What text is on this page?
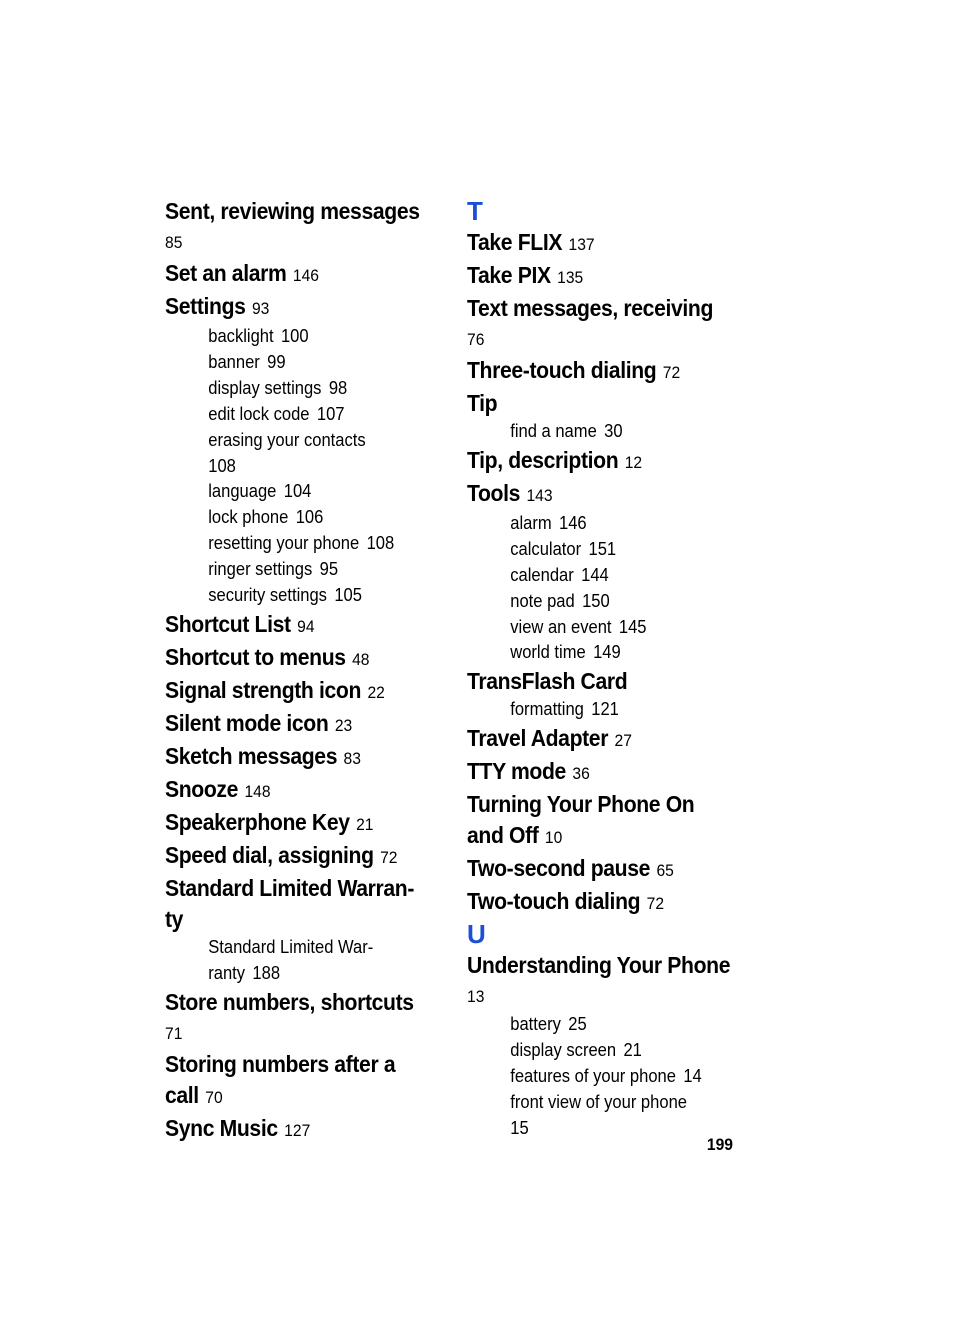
Sent, reviewing messages
85
Set an alarm 146
Settings 93
backlight 100
banner 99
display settings 98
edit lock code 107
erasing your contacts
108
language 104
lock phone 106
resetting your phone 108
ringer settings 95
security settings 105
Shortcut List 94
Shortcut to menus 48
Signal strength icon 22
Silent mode icon 23
Sketch messages 83
Snooze 148
Speakerphone Key 21
Speed dial, assigning 72
Standard Limited Warran-
ty
Standard Limited War-
ranty 188
Store numbers, shortcuts
71
Storing numbers after a
call 70
Sync Music 127
T
Take FLIX 137
Take PIX 135
Text messages, receiving
76
Three-touch dialing 72
Tip
find a name 30
Tip, description 12
Tools 143
alarm 146
calculator 151
calendar 144
note pad 150
view an event 145
world time 149
TransFlash Card
formatting 121
Travel Adapter 27
TTY mode 36
Turning Your Phone On
and Off 10
Two-second pause 65
Two-touch dialing 72
U
Understanding Your Phone
13
battery 25
display screen 21
features of your phone 14
front view of your phone
15
199
